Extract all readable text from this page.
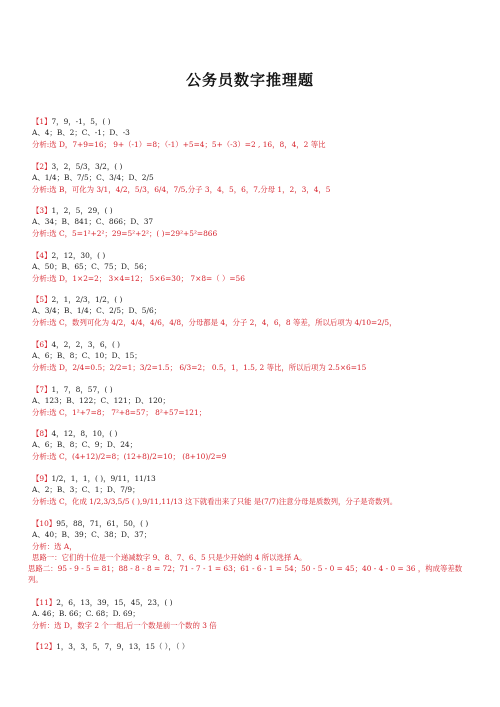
公务员数字推理题
【1】7，9，-1，5，( )
A、4；B、2；C、-1；D、-3
分析:选 D，7+9=16； 9+（-1）=8；（-1）+5=4；5+（-3）=2 , 16，8，4，2 等比
【2】3，2，5/3，3/2，( )
A、1/4；B、7/5；C、3/4；D、2/5
分析:选 B，可化为 3/1，4/2，5/3，6/4，7/5,分子 3，4，5，6，7,分母 1，2，3，4，5
【3】1，2，5，29，( )
A、34；B、841；C、866；D、37
分析:选 C，5=1²+2²；29=5²+2²；( )=29²+5²=866
【4】2，12，30，( )
A、50；B、65；C、75；D、56；
分析:选 D，1×2=2； 3×4=12； 5×6=30； 7×8=（ ）=56
【5】2，1，2/3，1/2，( )
A、3/4；B、1/4；C、2/5；D、5/6；
分析:选 C，数列可化为 4/2，4/4，4/6，4/8，分母都是 4，分子 2，4，6，8 等差，所以后项为 4/10=2/5，
【6】4，2，2，3，6，( )
A、6；B、8；C、10；D、15；
分析:选 D，2/4=0.5；2/2=1；3/2=1.5； 6/3=2； 0.5，1，1.5, 2 等比，所以后项为 2.5×6=15
【7】1，7，8，57，( )
A、123；B、122；C、121；D、120；
分析:选 C，1²+7=8； 7²+8=57； 8²+57=121；
【8】4，12，8，10，( )
A、6；B、8；C、9；D、24；
分析:选 C，(4+12)/2=8；(12+8)/2=10； (8+10)/2=9
【9】1/2，1，1，( )，9/11，11/13
A、2；B、3；C、1；D、7/9；
分析:选 C，化成 1/2,3/3,5/5 ( ),9/11,11/13 这下就看出来了只能 是(7/7)注意分母是质数列，分子是奇数列。
【10】95，88，71，61，50，( )
A、40；B、39；C、38；D、37；
分析：选 A，
思路一：它们的十位是一个递减数字 9、8、7、6、5 只是少开始的 4 所以选择 A。
思路二：95 - 9 - 5 = 81；88 - 8 - 8 = 72；71 - 7 - 1 = 63；61 - 6 - 1 = 54；50 - 5 - 0 = 45；40 - 4 - 0 = 36 ，构成等差数列。
【11】2，6，13，39，15，45，23，( )
A. 46；B. 66；C. 68；D. 69；
分析：选 D，数字 2 个一组,后一个数是前一个数的 3 倍
【12】1，3，3，5，7，9，13，15（ ），（ ）
